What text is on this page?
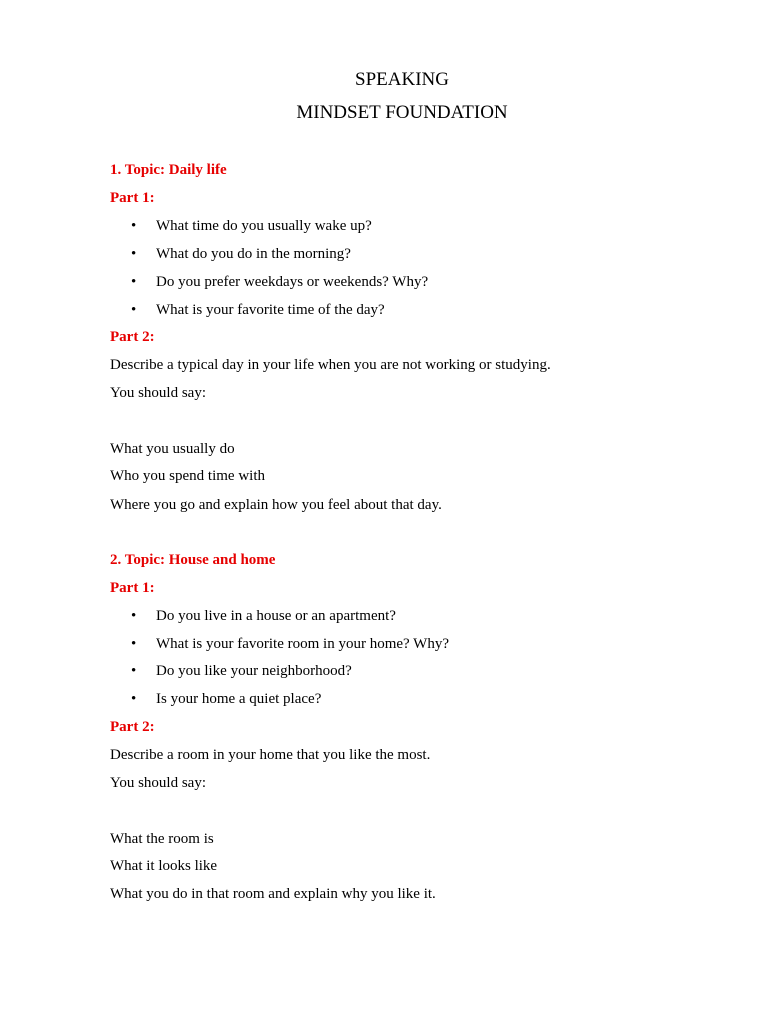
SPEAKING
MINDSET FOUNDATION
1. Topic: Daily life
Part 1:
• What time do you usually wake up?
• What do you do in the morning?
• Do you prefer weekdays or weekends? Why?
• What is your favorite time of the day?
Part 2:
Describe a typical day in your life when you are not working or studying.
You should say:
What you usually do
Who you spend time with
Where you go and explain how you feel about that day.
2. Topic: House and home
Part 1:
• Do you live in a house or an apartment?
• What is your favorite room in your home? Why?
• Do you like your neighborhood?
• Is your home a quiet place?
Part 2:
Describe a room in your home that you like the most.
You should say:
What the room is
What it looks like
What you do in that room and explain why you like it.
